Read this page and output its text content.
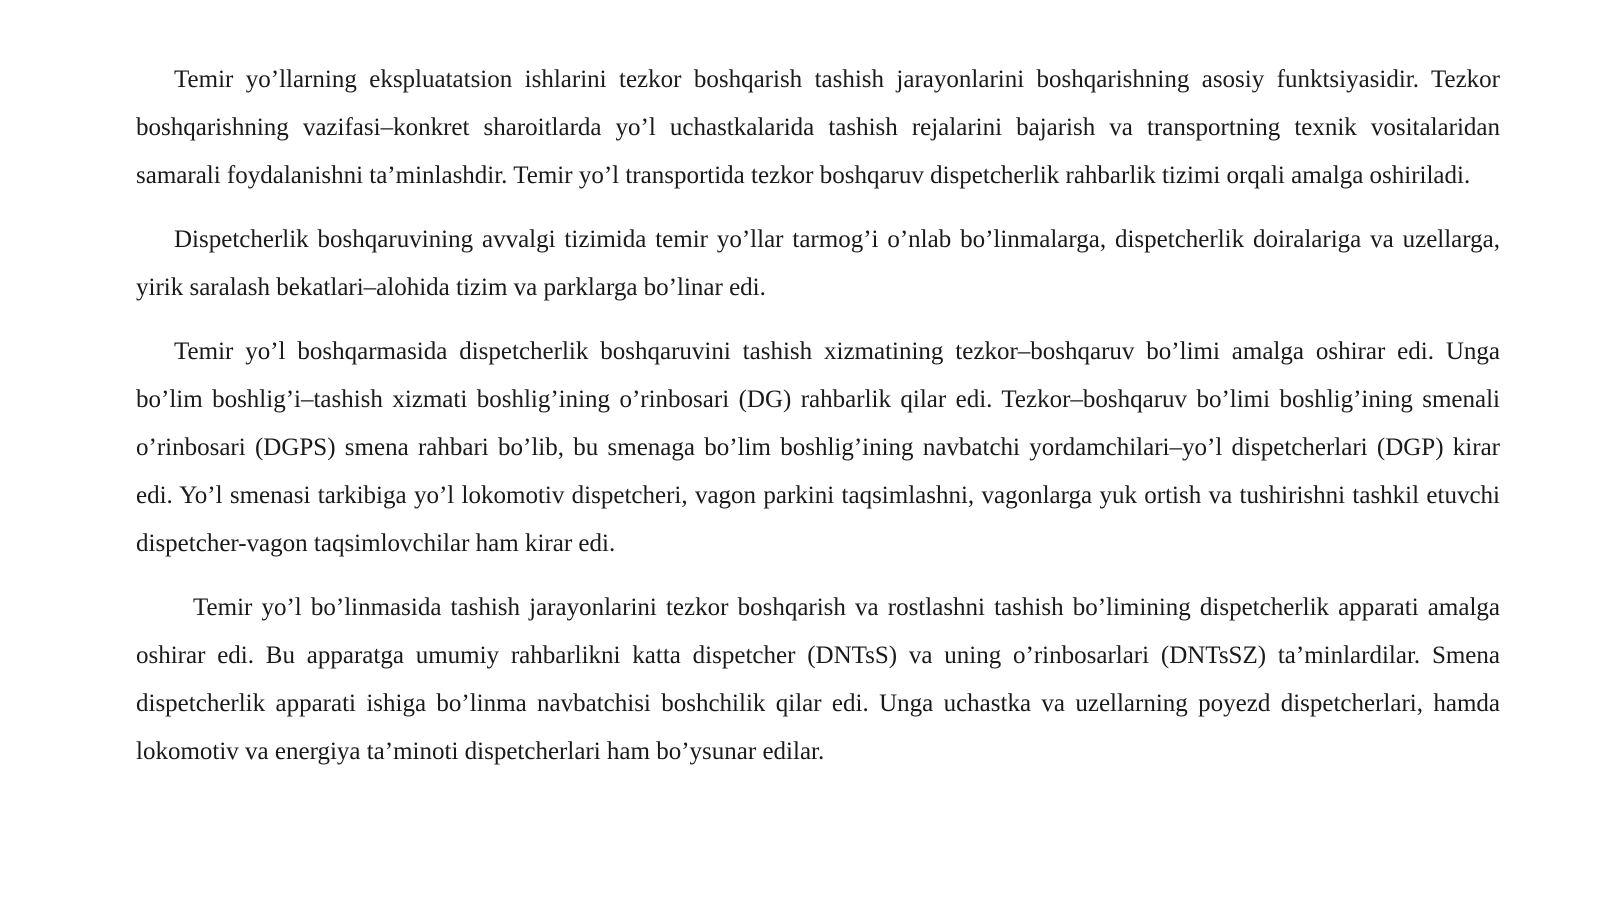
Temir yo’llarning ekspluatatsion ishlarini tezkor boshqarish tashish jarayonlarini boshqarishning asosiy funktsiyasidir. Tezkor boshqarishning vazifasi–konkret sharoitlarda yo’l uchastkalarida tashish rejalarini bajarish va transportning texnik vositalaridan samarali foydalanishni ta’minlashdir. Temir yo’l transportida tezkor boshqaruv dispetcherlik rahbarlik tizimi orqali amalga oshiriladi.

Dispetcherlik boshqaruvining avvalgi tizimida temir yo’llar tarmog’i o’nlab bo’linmalarga, dispetcherlik doiralariga va uzellarga, yirik saralash bekatlari–alohida tizim va parklarga bo’linar edi.

Temir yo’l boshqarmasida dispetcherlik boshqaruvini tashish xizmatining tezkor–boshqaruv bo’limi amalga oshirar edi. Unga bo’lim boshlig’i–tashish xizmati boshlig’ining o’rinbosari (DG) rahbarlik qilar edi. Tezkor–boshqaruv bo’limi boshlig’ining smenali o’rinbosari (DGPS) smena rahbari bo’lib, bu smenaga bo’lim boshlig’ining navbatchi yordamchilari–yo’l dispetcherlari (DGP) kirar edi. Yo’l smenasi tarkibiga yo’l lokomotiv dispetcheri, vagon parkini taqsimlashni, vagonlarga yuk ortish va tushirishni tashkil etuvchi dispetcher-vagon taqsimlovchilar ham kirar edi.

Temir yo’l bo’linmasida tashish jarayonlarini tezkor boshqarish va rostlashni tashish bo’limining dispetcherlik apparati amalga oshirar edi. Bu apparatga umumiy rahbarlikni katta dispetcher (DNTsS) va uning o’rinbosarlari (DNTsSZ) ta’minlardilar. Smena dispetcherlik apparati ishiga bo’linma navbatchisi boshchilik qilar edi. Unga uchastka va uzellarning poyezd dispetcherlari, hamda lokomotiv va energiya ta’minoti dispetcherlari ham bo’ysunar edilar.
